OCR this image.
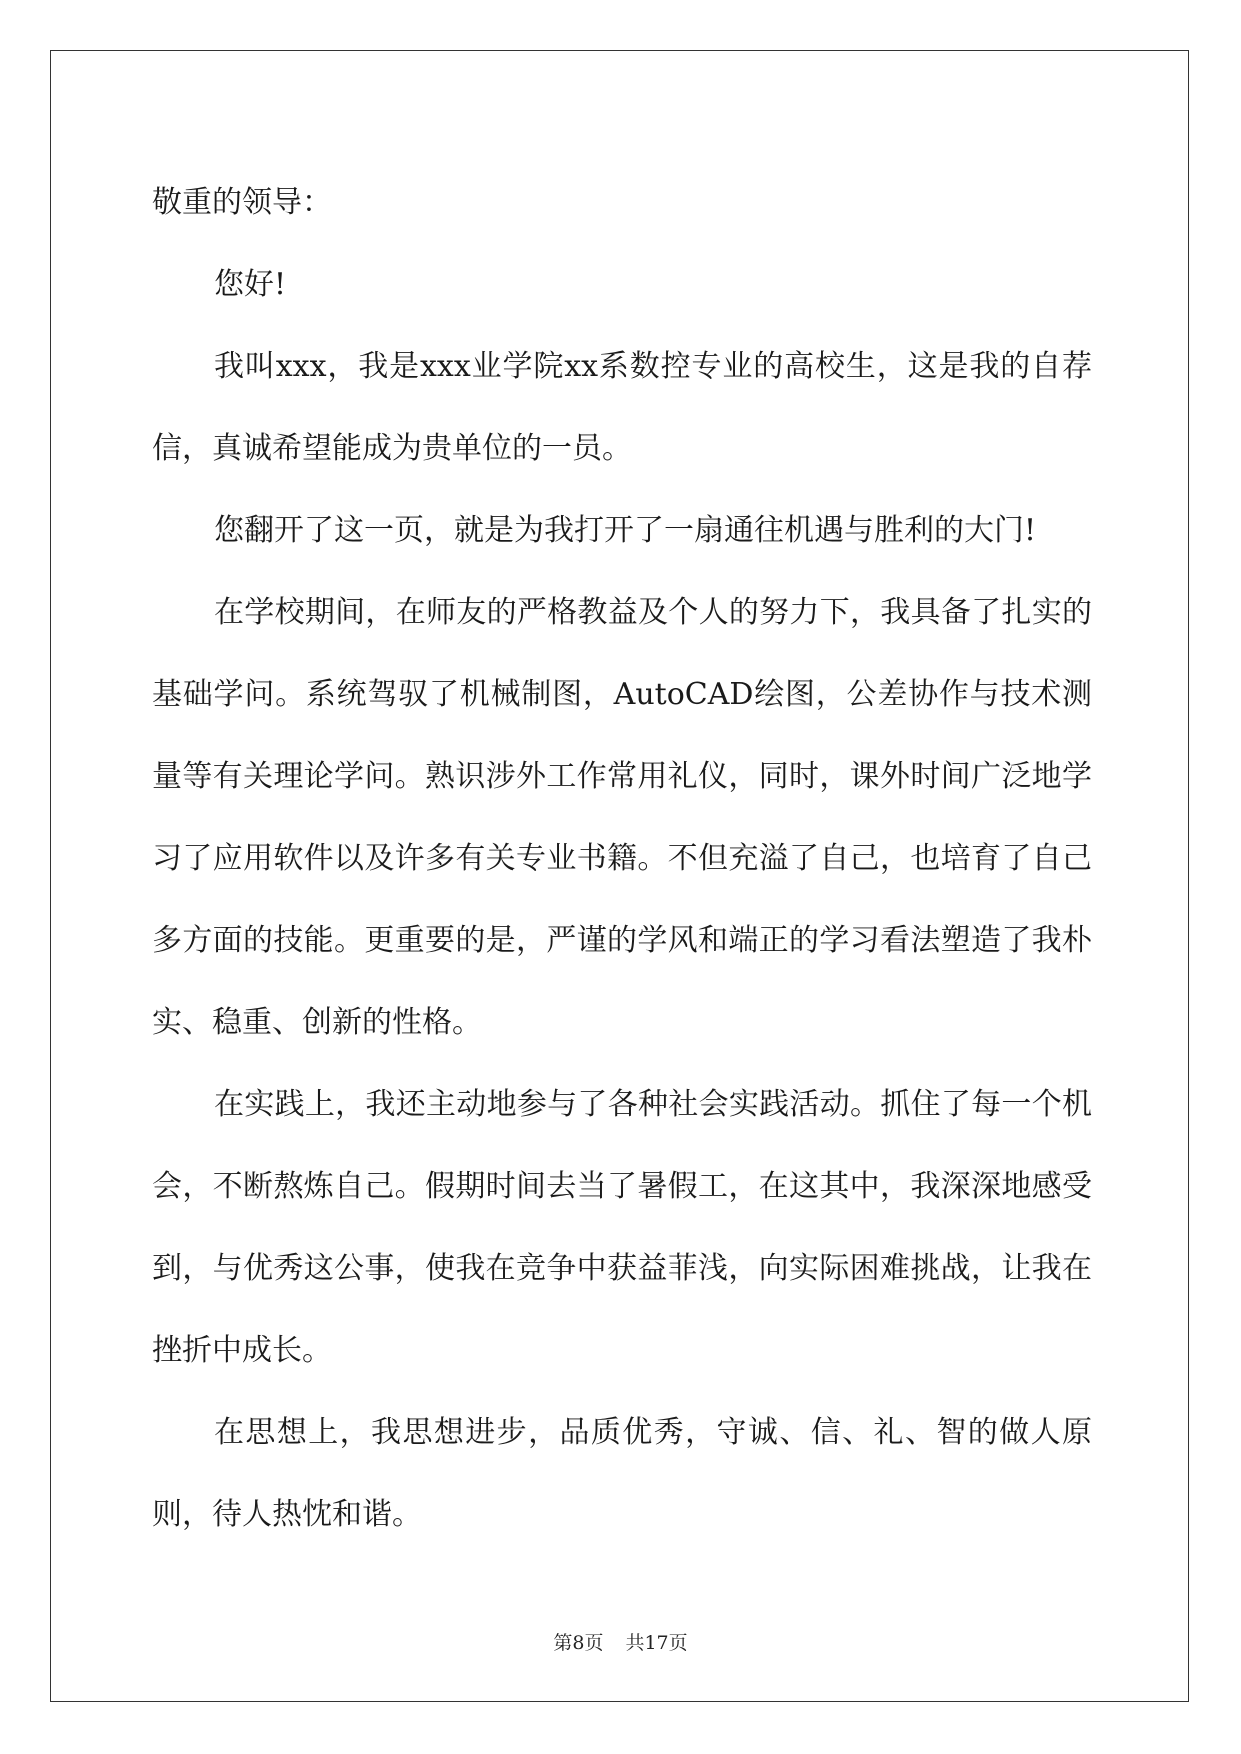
敬重的领导：

您好!

我叫xxx，我是xxx业学院xx系数控专业的高校生，这是我的自荐信，真诚希望能成为贵单位的一员。

您翻开了这一页，就是为我打开了一扇通往机遇与胜利的大门!

在学校期间，在师友的严格教益及个人的努力下，我具备了扎实的基础学问。系统驾驭了机械制图，AutoCAD绘图，公差协作与技术测量等有关理论学问。熟识涉外工作常用礼仪，同时，课外时间广泛地学习了应用软件以及许多有关专业书籍。不但充溢了自己，也培育了自己多方面的技能。更重要的是，严谨的学风和端正的学习看法塑造了我朴实、稳重、创新的性格。

在实践上，我还主动地参与了各种社会实践活动。抓住了每一个机会，不断熬炼自己。假期时间去当了暑假工，在这其中，我深深地感受到，与优秀这公事，使我在竞争中获益菲浅，向实际困难挑战，让我在挫折中成长。

在思想上，我思想进步，品质优秀，守诚、信、礼、智的做人原则，待人热忱和谐。

第8页 共17页
